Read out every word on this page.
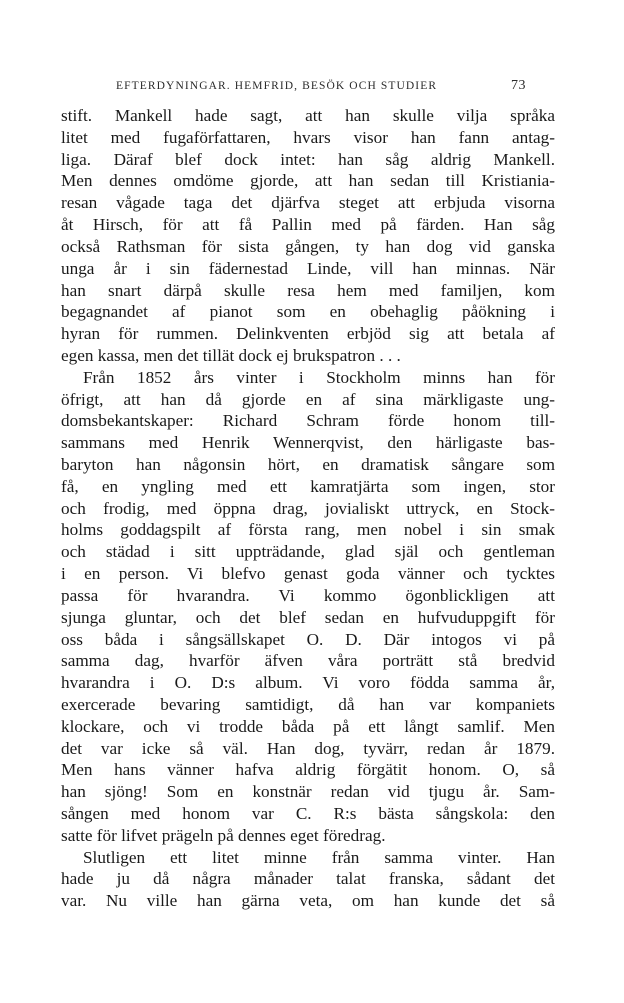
EFTERDYNINGAR. HEMFRID, BESÖK OCH STUDIER	73
stift. Mankell hade sagt, att han skulle vilja språka
litet med fugaförfattaren, hvars visor han fann antag-
liga. Däraf blef dock intet: han såg aldrig Mankell.
Men dennes omdöme gjorde, att han sedan till Kristiania-
resan vågade taga det djärfva steget att erbjuda visorna
åt Hirsch, för att få Pallin med på färden. Han såg
också Rathsman för sista gången, ty han dog vid ganska
unga år i sin fädernestad Linde, vill han minnas. När
han snart därpå skulle resa hem med familjen, kom
begagnandet af pianot som en obehaglig påökning i
hyran för rummen. Delinkventen erbjöd sig att betala af
egen kassa, men det tillät dock ej brukspatron . . .
Från 1852 års vinter i Stockholm minns han för
öfrigt, att han då gjorde en af sina märkligaste ung-
domsbekantskaper: Richard Schram förde honom till-
sammans med Henrik Wennerqvist, den härligaste bas-
baryton han någonsin hört, en dramatisk sångare som
få, en yngling med ett kamratjärta som ingen, stor
och frodig, med öppna drag, jovialiskt uttryck, en Stock-
holms goddagspilt af första rang, men nobel i sin smak
och städad i sitt uppträdande, glad själ och gentleman
i en person. Vi blefvo genast goda vänner och tycktes
passa för hvarandra. Vi kommo ögonblickligen att
sjunga gluntar, och det blef sedan en hufvuduppgift för
oss båda i sångsällskapet O. D. Där intogos vi på
samma dag, hvarför äfven våra porträtt stå bredvid
hvarandra i O. D:s album. Vi voro födda samma år,
exercerade bevaring samtidigt, då han var kompaniets
klockare, och vi trodde båda på ett långt samlif. Men
det var icke så väl. Han dog, tyvärr, redan år 1879.
Men hans vänner hafva aldrig förgätit honom. O, så
han sjöng! Som en konstnär redan vid tjugu år. Sam-
sången med honom var C. R:s bästa sångskola: den
satte för lifvet prägeln på dennes eget föredrag.
Slutligen ett litet minne från samma vinter. Han
hade ju då några månader talat franska, sådant det
var. Nu ville han gärna veta, om han kunde det så
